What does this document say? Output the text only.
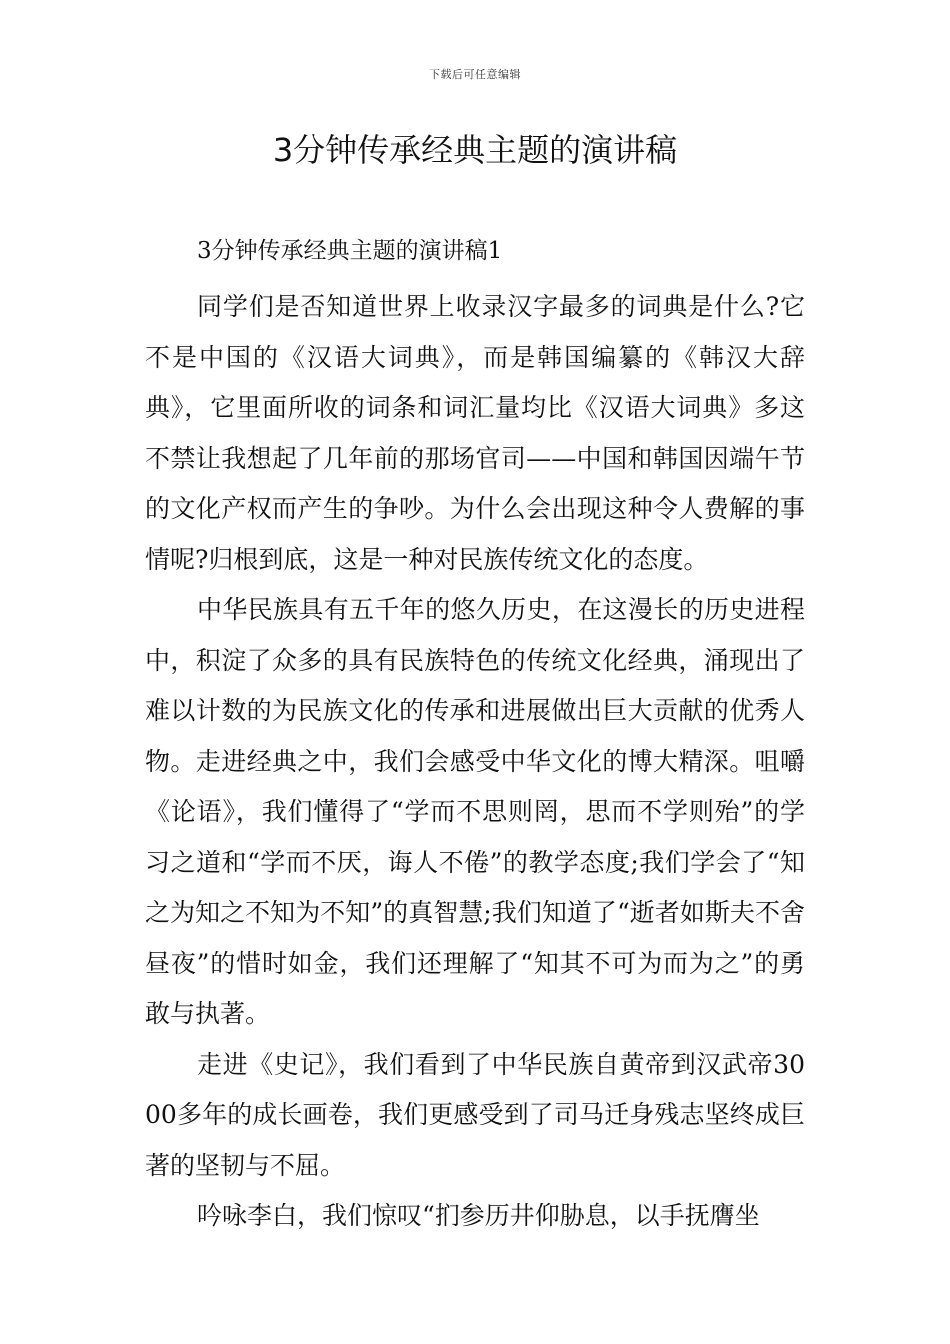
下载后可任意编辑
3分钟传承经典主题的演讲稿

3分钟传承经典主题的演讲稿1

同学们是否知道世界上收录汉字最多的词典是什么?它不是中国的《汉语大词典》，而是韩国编纂的《韩汉大辞典》，它里面所收的词条和词汇量均比《汉语大词典》多这不禁让我想起了几年前的那场官司——中国和韩国因端午节的文化产权而产生的争吵。为什么会出现这种令人费解的事情呢?归根到底，这是一种对民族传统文化的态度。

中华民族具有五千年的悠久历史，在这漫长的历史进程中，积淀了众多的具有民族特色的传统文化经典，涌现出了难以计数的为民族文化的传承和进展做出巨大贡献的优秀人物。走进经典之中，我们会感受中华文化的博大精深。咀嚼《论语》，我们懂得了“学而不思则罔，思而不学则殆”的学习之道和“学而不厌，诲人不倦”的教学态度;我们学会了“知之为知之不知为不知”的真智慧;我们知道了“逝者如斯夫不舍昼夜”的惜时如金，我们还理解了“知其不可为而为之”的勇敢与执著。

走进《史记》，我们看到了中华民族自黄帝到汉武帝3000多年的成长画卷，我们更感受到了司马迁身残志坚终成巨著的坚韧与不屈。

吟咏李白，我们惊叹“扪参历井仰胁息，以手抚膺坐
